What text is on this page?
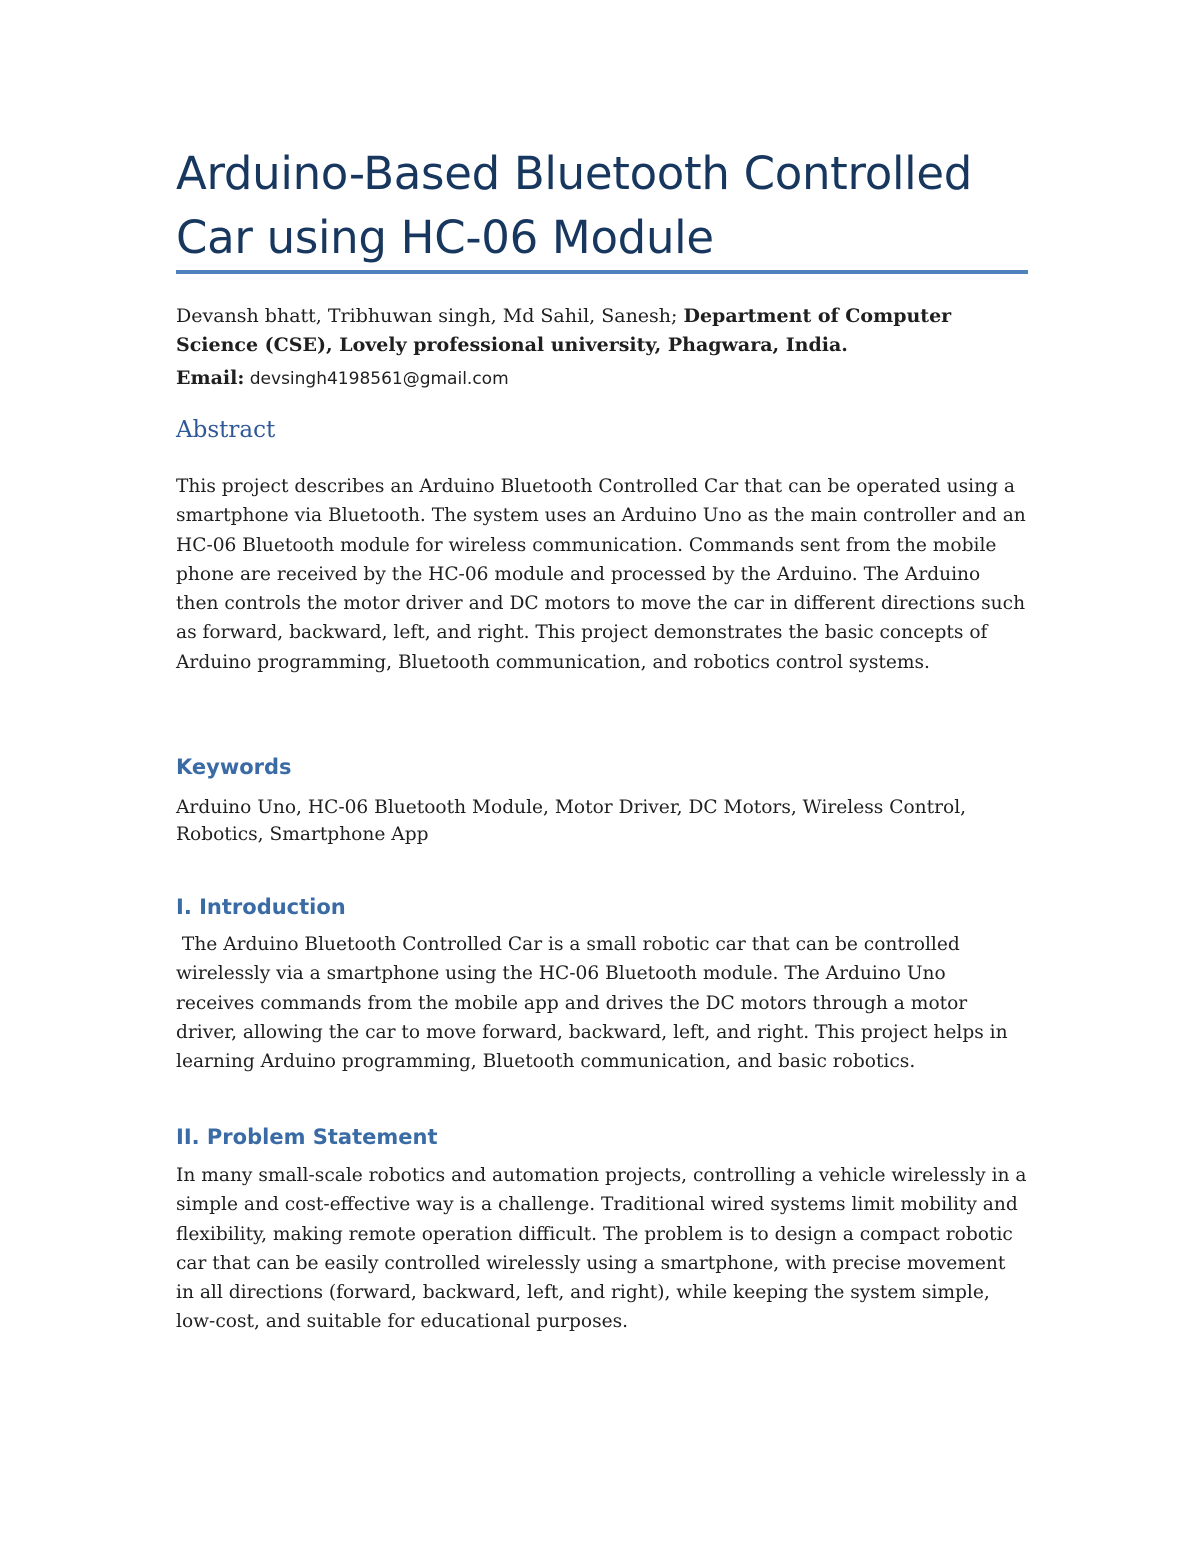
Arduino-Based Bluetooth Controlled Car using HC-06 Module

Devansh bhatt, Tribhuwan singh, Md Sahil, Sanesh; Department of Computer Science (CSE), Lovely professional university, Phagwara, India.

Email: devsingh4198561@gmail.com

Abstract

This project describes an Arduino Bluetooth Controlled Car that can be operated using a smartphone via Bluetooth. The system uses an Arduino Uno as the main controller and an HC-06 Bluetooth module for wireless communication. Commands sent from the mobile phone are received by the HC-06 module and processed by the Arduino. The Arduino then controls the motor driver and DC motors to move the car in different directions such as forward, backward, left, and right. This project demonstrates the basic concepts of Arduino programming, Bluetooth communication, and robotics control systems.

Keywords

Arduino Uno, HC-06 Bluetooth Module, Motor Driver, DC Motors, Wireless Control, Robotics, Smartphone App

I. Introduction

The Arduino Bluetooth Controlled Car is a small robotic car that can be controlled wirelessly via a smartphone using the HC-06 Bluetooth module. The Arduino Uno receives commands from the mobile app and drives the DC motors through a motor driver, allowing the car to move forward, backward, left, and right. This project helps in learning Arduino programming, Bluetooth communication, and basic robotics.

II. Problem Statement

In many small-scale robotics and automation projects, controlling a vehicle wirelessly in a simple and cost-effective way is a challenge. Traditional wired systems limit mobility and flexibility, making remote operation difficult. The problem is to design a compact robotic car that can be easily controlled wirelessly using a smartphone, with precise movement in all directions (forward, backward, left, and right), while keeping the system simple, low-cost, and suitable for educational purposes.
